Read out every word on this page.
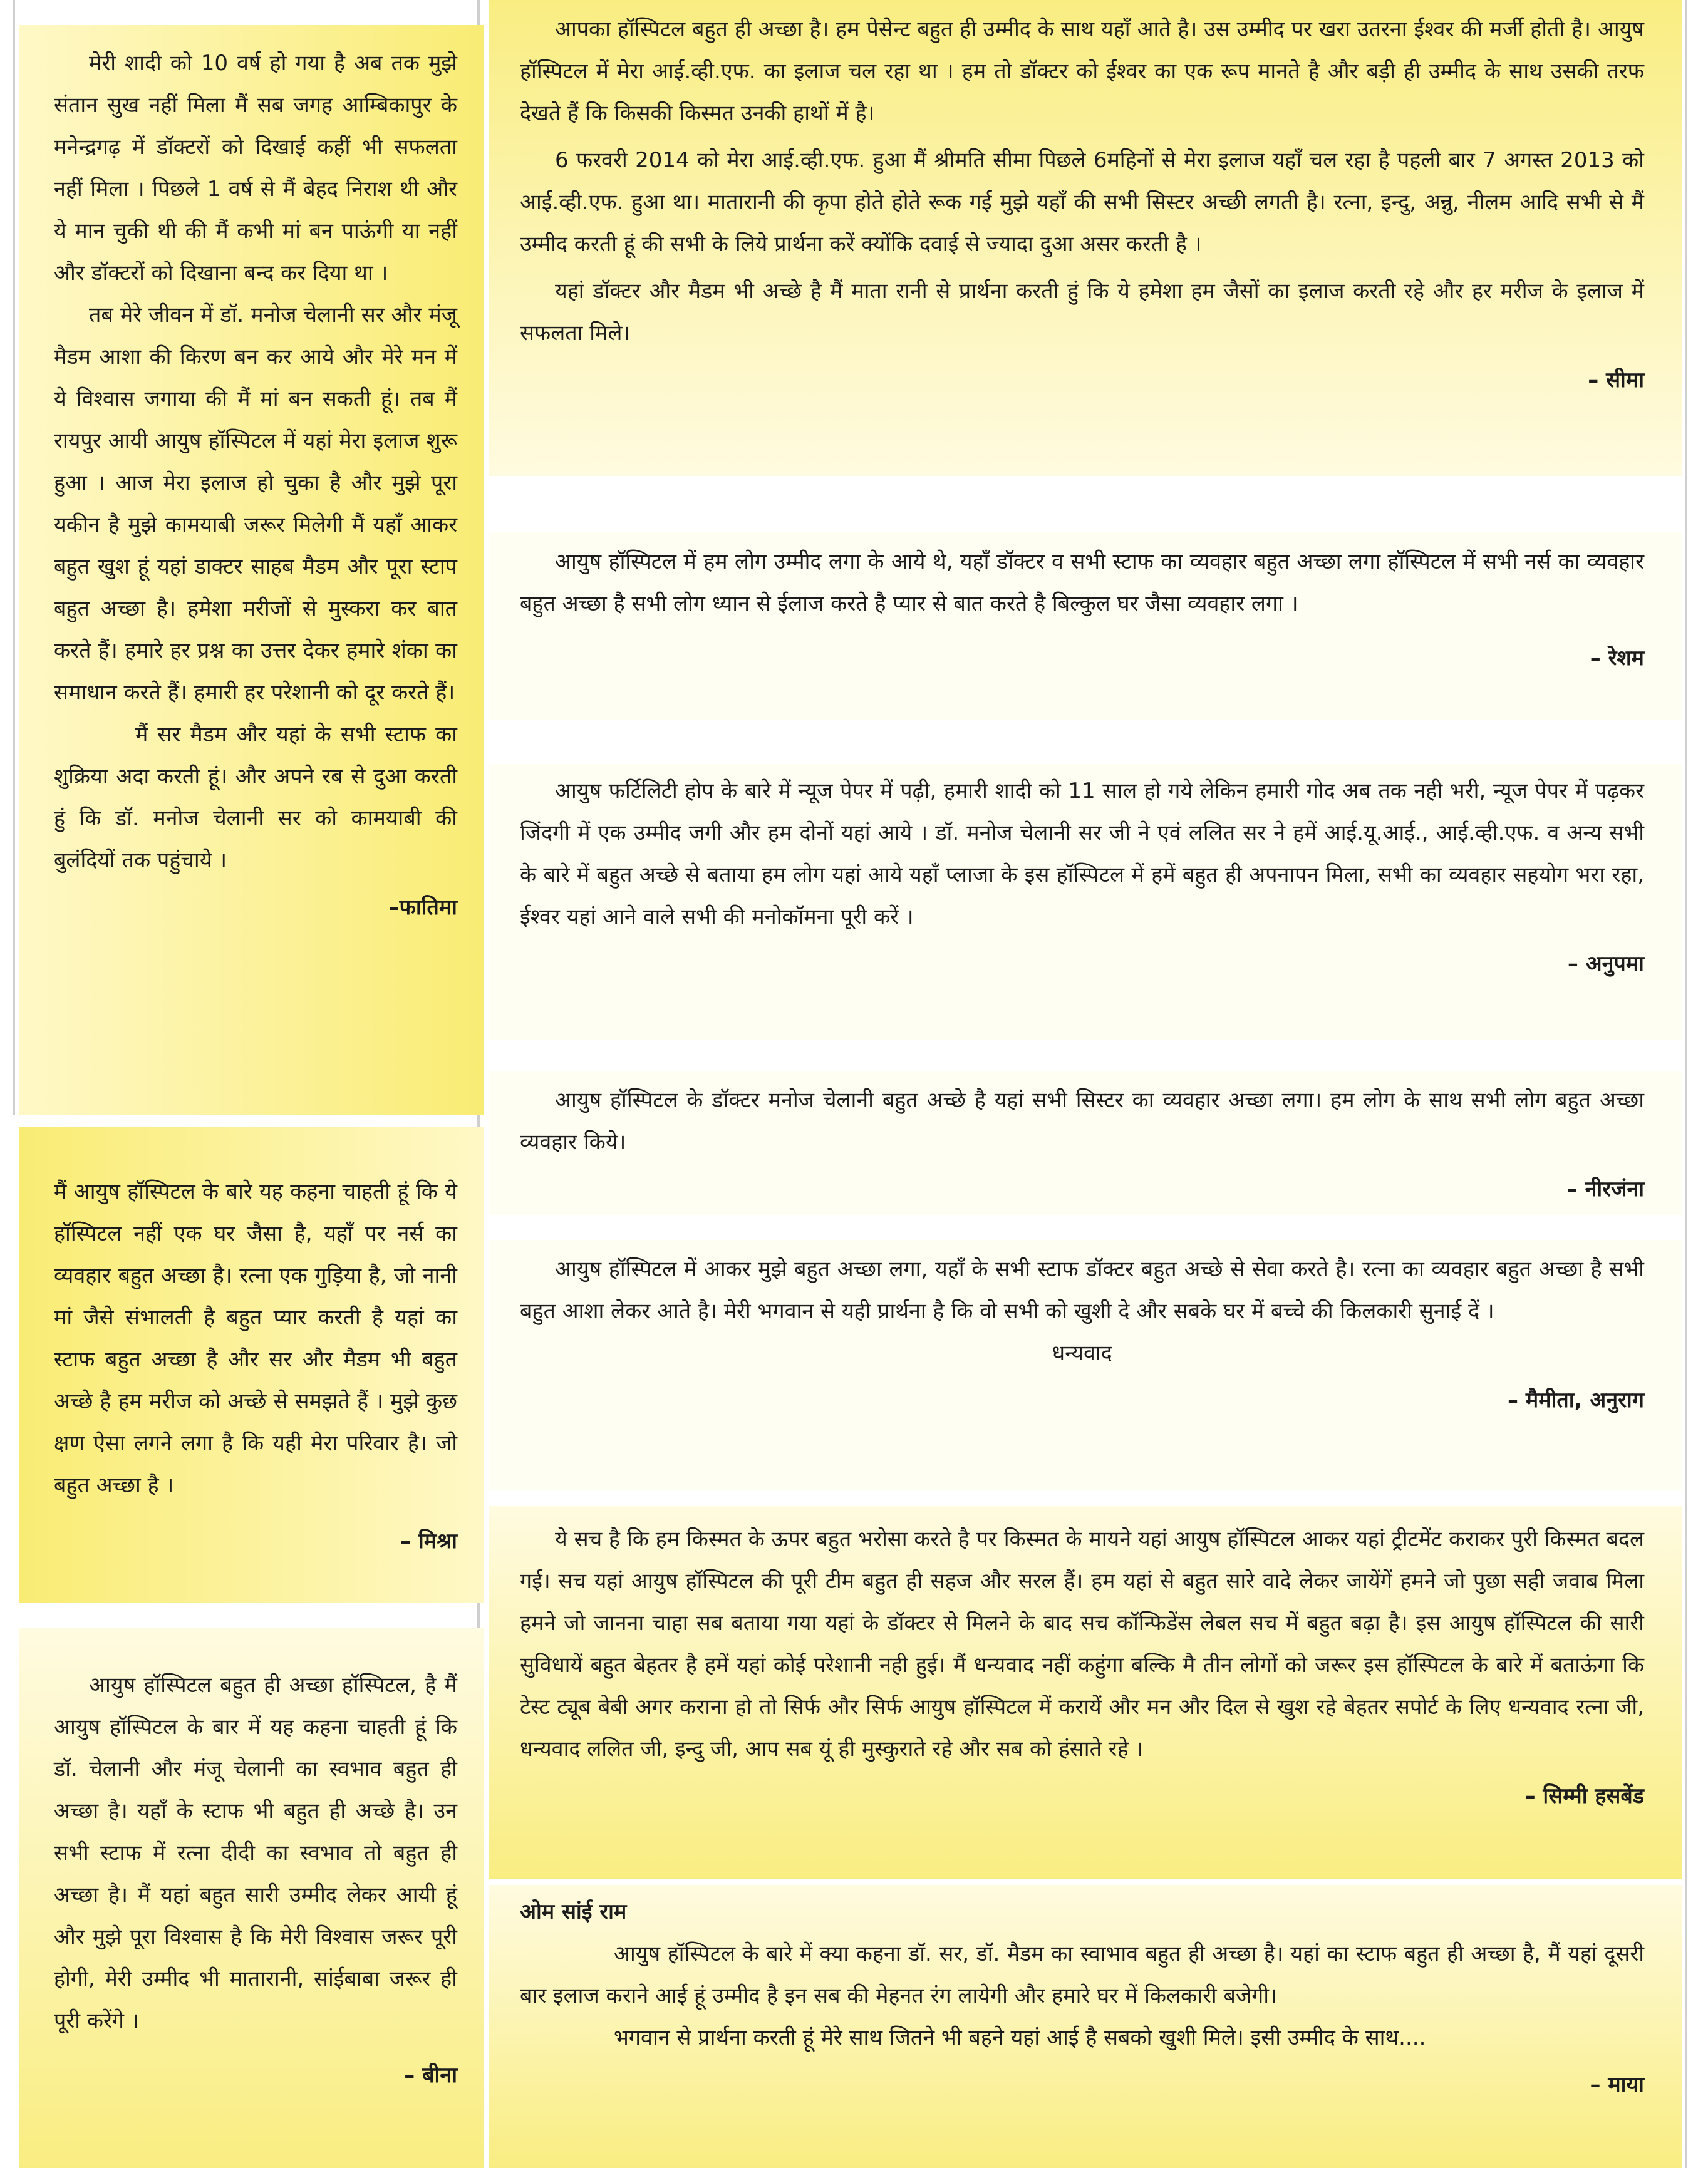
मेरी शादी को 10 वर्ष हो गया है अब तक मुझे संतान सुख नहीं मिला मैं सब जगह आम्बिकापुर के मनेन्द्रगढ़ में डॉक्टरों को दिखाई कहीं भी सफलता नहीं मिला । पिछले 1 वर्ष से मैं बेहद निराश थी और ये मान चुकी थी की मैं कभी मां बन पाऊंगी या नहीं और डॉक्टरों को दिखाना बन्द कर दिया था ।

तब मेरे जीवन में डॉ. मनोज चेलानी सर और मंजू मैडम आशा की किरण बन कर आये और मेरे मन में ये विश्वास जगाया की मैं मां बन सकती हूं। तब मैं रायपुर आयी आयुष हॉस्पिटल में यहां मेरा इलाज शुरू हुआ । आज मेरा इलाज हो चुका है और मुझे पूरा यकीन है मुझे कामयाबी जरूर मिलेगी मैं यहाँ आकर बहुत खुश हूं यहां डाक्टर साहब मैडम और पूरा स्टाप बहुत अच्छा है। हमेशा मरीजों से मुस्करा कर बात करते हैं। हमारे हर प्रश्न का उत्तर देकर हमारे शंका का समाधान करते हैं। हमारी हर परेशानी को दूर करते हैं।

मैं सर मैडम और यहां के सभी स्टाफ का शुक्रिया अदा करती हूं। और अपने रब से दुआ करती हुं कि डॉ. मनोज चेलानी सर को कामयाबी की बुलंदियों तक पहुंचाये ।

–फातिमा

मैं आयुष हॉस्पिटल के बारे यह कहना चाहती हूं कि ये हॉस्पिटल नहीं एक घर जैसा है, यहाँ पर नर्स का व्यवहार बहुत अच्छा है। रत्ना एक गुड़िया है, जो नानी मां जैसे संभालती है बहुत प्यार करती है यहां का स्टाफ बहुत अच्छा है और सर और मैडम भी बहुत अच्छे है हम मरीज को अच्छे से समझते हैं । मुझे कुछ क्षण ऐसा लगने लगा है कि यही मेरा परिवार है। जो बहुत अच्छा है ।

– मिश्रा

आयुष हॉस्पिटल बहुत ही अच्छा हॉस्पिटल, है मैं आयुष हॉस्पिटल के बार में यह कहना चाहती हूं कि डॉ. चेलानी और मंजू चेलानी का स्वभाव बहुत ही अच्छा है। यहाँ के स्टाफ भी बहुत ही अच्छे है। उन सभी स्टाफ में रत्ना दीदी का स्वभाव तो बहुत ही अच्छा है। मैं यहां बहुत सारी उम्मीद लेकर आयी हूं और मुझे पूरा विश्वास है कि मेरी विश्वास जरूर पूरी होगी, मेरी उम्मीद भी मातारानी, सांईबाबा जरूर ही पूरी करेंगे ।

– बीना

आपका हॉस्पिटल बहुत ही अच्छा है। हम पेसेन्ट बहुत ही उम्मीद के साथ यहाँ आते है। उस उम्मीद पर खरा उतरना ईश्वर की मर्जी होती है। आयुष हॉस्पिटल में मेरा आई.व्ही.एफ. का इलाज चल रहा था । हम तो डॉक्टर को ईश्वर का एक रूप मानते है और बड़ी ही उम्मीद के साथ उसकी तरफ देखते हैं कि किसकी किस्मत उनकी हाथों में है।

6 फरवरी 2014 को मेरा आई.व्ही.एफ. हुआ मैं श्रीमति सीमा पिछले 6महिनों से मेरा इलाज यहाँ चल रहा है पहली बार 7 अगस्त 2013 को आई.व्ही.एफ. हुआ था। मातारानी की कृपा होते होते रूक गई मुझे यहाँ की सभी सिस्टर अच्छी लगती है। रत्ना, इन्दु, अन्नु, नीलम आदि सभी से मैं उम्मीद करती हूं की सभी के लिये प्रार्थना करें क्योंकि दवाई से ज्यादा दुआ असर करती है ।

यहां डॉक्टर और मैडम भी अच्छे है मैं माता रानी से प्रार्थना करती हुं कि ये हमेशा हम जैसों का इलाज करती रहे और हर मरीज के इलाज में सफलता मिले।

– सीमा

आयुष हॉस्पिटल में हम लोग उम्मीद लगा के आये थे, यहाँ डॉक्टर व सभी स्टाफ का व्यवहार बहुत अच्छा लगा हॉस्पिटल में सभी नर्स का व्यवहार बहुत अच्छा है सभी लोग ध्यान से ईलाज करते है प्यार से बात करते है बिल्कुल घर जैसा व्यवहार लगा ।

– रेशम

आयुष फर्टिलिटी होप के बारे में न्यूज पेपर में पढ़ी, हमारी शादी को 11 साल हो गये लेकिन हमारी गोद अब तक नही भरी, न्यूज पेपर में पढ़कर जिंदगी में एक उम्मीद जगी और हम दोनों यहां आये । डॉ. मनोज चेलानी सर जी ने एवं ललित सर ने हमें आई.यू.आई., आई.व्ही.एफ. व अन्य सभी के बारे में बहुत अच्छे से बताया हम लोग यहां आये यहाँ प्लाजा के इस हॉस्पिटल में हमें बहुत ही अपनापन मिला, सभी का व्यवहार सहयोग भरा रहा, ईश्वर यहां आने वाले सभी की मनोकॉमना पूरी करें ।

– अनुपमा

आयुष हॉस्पिटल के डॉक्टर मनोज चेलानी बहुत अच्छे है यहां सभी सिस्टर का व्यवहार अच्छा लगा। हम लोग के साथ सभी लोग बहुत अच्छा व्यवहार किये।

– नीरजंना

आयुष हॉस्पिटल में आकर मुझे बहुत अच्छा लगा, यहाँ के सभी स्टाफ डॉक्टर बहुत अच्छे से सेवा करते है। रत्ना का व्यवहार बहुत अच्छा है सभी बहुत आशा लेकर आते है। मेरी भगवान से यही प्रार्थना है कि वो सभी को खुशी दे और सबके घर में बच्चे की किलकारी सुनाई दें ।

धन्यवाद
– मैमीता, अनुराग

ये सच है कि हम किस्मत के ऊपर बहुत भरोसा करते है पर किस्मत के मायने यहां आयुष हॉस्पिटल आकर यहां ट्रीटमेंट कराकर पुरी किस्मत बदल गई। सच यहां आयुष हॉस्पिटल की पूरी टीम बहुत ही सहज और सरल हैं। हम यहां से बहुत सारे वादे लेकर जायेंगें हमने जो पुछा सही जवाब मिला हमने जो जानना चाहा सब बताया गया यहां के डॉक्टर से मिलने के बाद सच कॉन्फिडेंस लेबल सच में बहुत बढ़ा है। इस आयुष हॉस्पिटल की सारी सुविधायें बहुत बेहतर है हमें यहां कोई परेशानी नही हुई। मैं धन्यवाद नहीं कहुंगा बल्कि मै तीन लोगों को जरूर इस हॉस्पिटल के बारे में बताऊंगा कि टेस्ट ट्यूब बेबी अगर कराना हो तो सिर्फ और सिर्फ आयुष हॉस्पिटल में करायें और मन और दिल से खुश रहे बेहतर सपोर्ट के लिए धन्यवाद रत्ना जी, धन्यवाद ललित जी, इन्दु जी, आप सब यूं ही मुस्कुराते रहे और सब को हंसाते रहे ।

– सिम्मी हसबेंड
ओम सांई राम

आयुष हॉस्पिटल के बारे में क्या कहना डॉ. सर, डॉ. मैडम का स्वाभाव बहुत ही अच्छा है। यहां का स्टाफ बहुत ही अच्छा है, मैं यहां दूसरी बार इलाज कराने आई हूं उम्मीद है इन सब की मेहनत रंग लायेगी और हमारे घर में किलकारी बजेगी।

भगवान से प्रार्थना करती हूं मेरे साथ जितने भी बहने यहां आई है सबको खुशी मिले। इसी उम्मीद के साथ....

– माया
